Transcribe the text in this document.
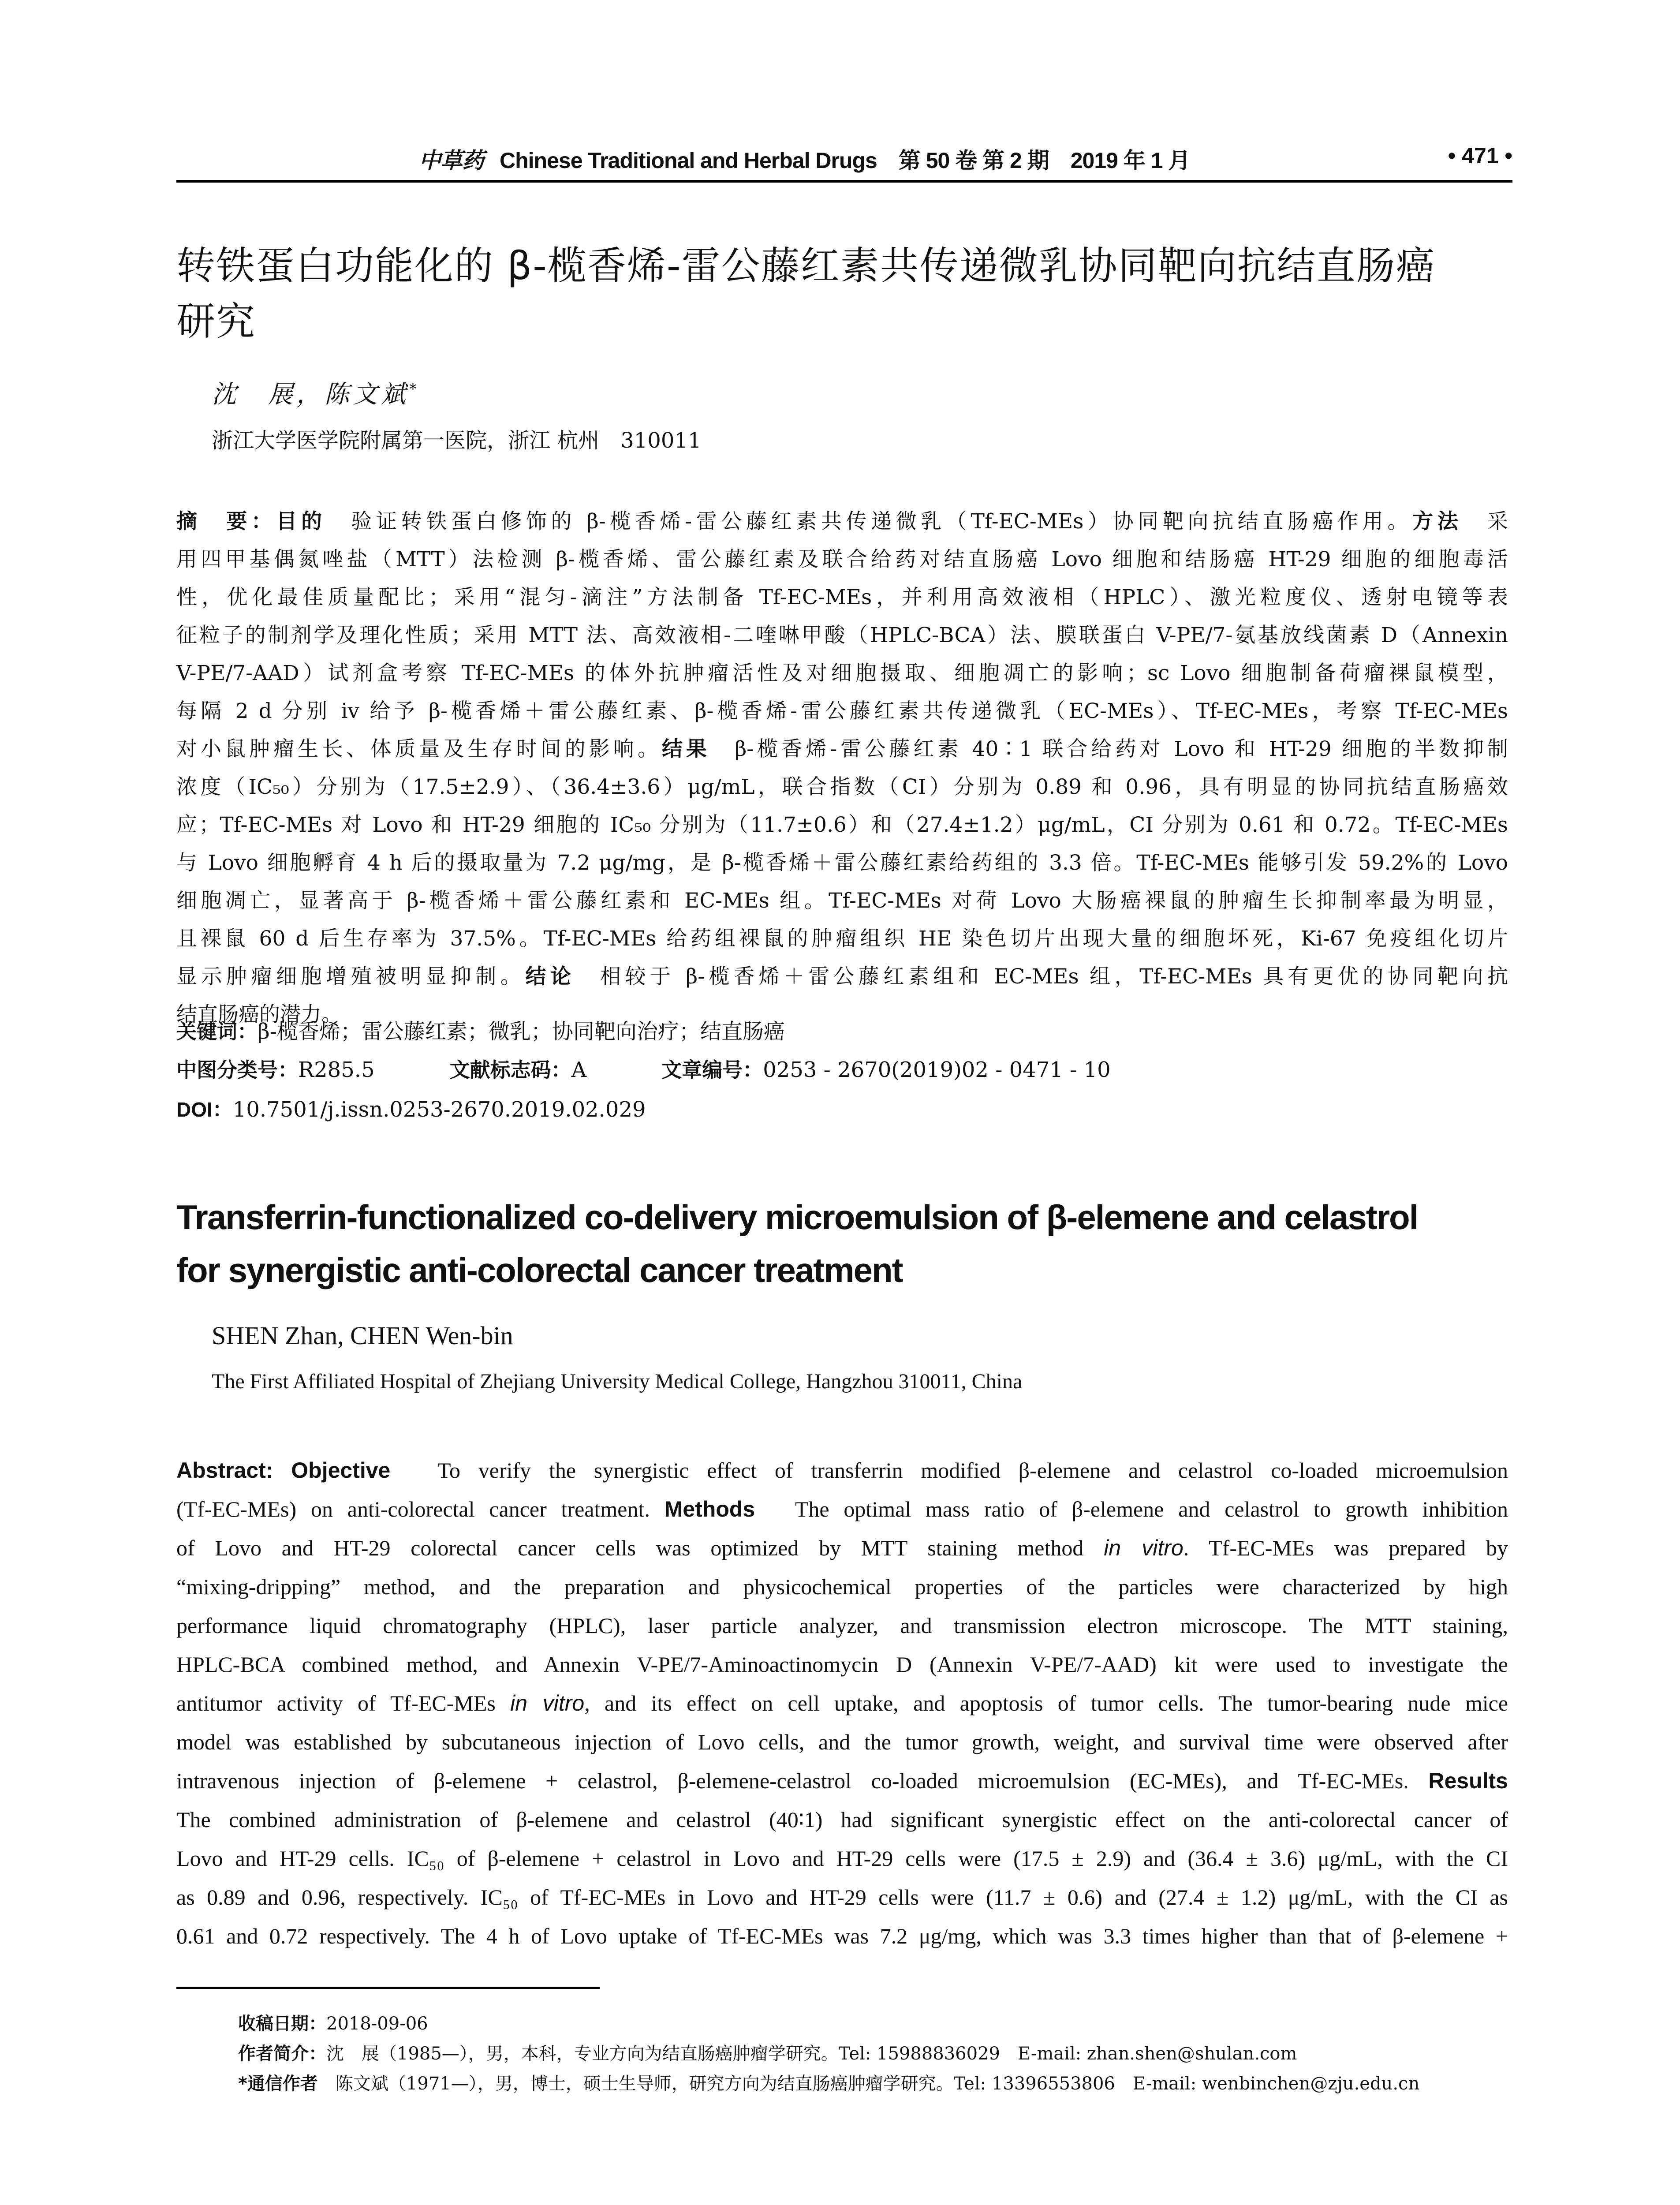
中草药 Chinese Traditional and Herbal Drugs　第 50 卷 第 2 期　2019 年 1 月	• 471 •
转铁蛋白功能化的 β-榄香烯-雷公藤红素共传递微乳协同靶向抗结直肠癌
研究
沈　展，陈文斌*
浙江大学医学院附属第一医院，浙江 杭州　310011
摘　要：目的　验证转铁蛋白修饰的 β-榄香烯-雷公藤红素共传递微乳（Tf-EC-MEs）协同靶向抗结直肠癌作用。方法　采
用四甲基偶氮唑盐（MTT）法检测 β-榄香烯、雷公藤红素及联合给药对结直肠癌 Lovo 细胞和结肠癌 HT-29 细胞的细胞毒活
性，优化最佳质量配比；采用“混匀-滴注”方法制备 Tf-EC-MEs，并利用高效液相（HPLC）、激光粒度仪、透射电镜等表
征粒子的制剂学及理化性质；采用 MTT 法、高效液相-二喹啉甲酸（HPLC-BCA）法、膜联蛋白 V-PE/7-氨基放线菌素 D（Annexin
V-PE/7-AAD）试剂盒考察 Tf-EC-MEs 的体外抗肿瘤活性及对细胞摄取、细胞凋亡的影响；sc Lovo 细胞制备荷瘤裸鼠模型，
每隔 2 d 分别 iv 给予 β-榄香烯＋雷公藤红素、β-榄香烯-雷公藤红素共传递微乳（EC-MEs）、Tf-EC-MEs，考察 Tf-EC-MEs
对小鼠肿瘤生长、体质量及生存时间的影响。结果　β-榄香烯-雷公藤红素 40∶1 联合给药对 Lovo 和 HT-29 细胞的半数抑制
浓度（IC₅₀）分别为（17.5±2.9）、（36.4±3.6）μg/mL，联合指数（CI）分别为 0.89 和 0.96，具有明显的协同抗结直肠癌效
应；Tf-EC-MEs 对 Lovo 和 HT-29 细胞的 IC₅₀ 分别为（11.7±0.6）和（27.4±1.2）μg/mL，CI 分别为 0.61 和 0.72。Tf-EC-MEs
与 Lovo 细胞孵育 4 h 后的摄取量为 7.2 μg/mg，是 β-榄香烯＋雷公藤红素给药组的 3.3 倍。Tf-EC-MEs 能够引发 59.2%的 Lovo
细胞凋亡，显著高于 β-榄香烯＋雷公藤红素和 EC-MEs 组。Tf-EC-MEs 对荷 Lovo 大肠癌裸鼠的肿瘤生长抑制率最为明显，
且裸鼠 60 d 后生存率为 37.5%。Tf-EC-MEs 给药组裸鼠的肿瘤组织 HE 染色切片出现大量的细胞坏死，Ki-67 免疫组化切片
显示肿瘤细胞增殖被明显抑制。结论　相较于 β-榄香烯＋雷公藤红素组和 EC-MEs 组，Tf-EC-MEs 具有更优的协同靶向抗
结直肠癌的潜力。
关键词：β-榄香烯；雷公藤红素；微乳；协同靶向治疗；结直肠癌
中图分类号：R285.5	文献标志码：A	文章编号：0253 - 2670(2019)02 - 0471 - 10
DOI：10.7501/j.issn.0253-2670.2019.02.029
Transferrin-functionalized co-delivery microemulsion of β-elemene and celastrol
for synergistic anti-colorectal cancer treatment
SHEN Zhan, CHEN Wen-bin
The First Affiliated Hospital of Zhejiang University Medical College, Hangzhou 310011, China
Abstract: Objective　 To verify the synergistic effect of transferrin modified β-elemene and celastrol co-loaded microemulsion
(Tf-EC-MEs) on anti-colorectal cancer treatment. Methods　 The optimal mass ratio of β-elemene and celastrol to growth inhibition
of Lovo and HT-29 colorectal cancer cells was optimized by MTT staining method in vitro. Tf-EC-MEs was prepared by
“mixing-dripping” method, and the preparation and physicochemical properties of the particles were characterized by high
performance liquid chromatography (HPLC), laser particle analyzer, and transmission electron microscope. The MTT staining,
HPLC-BCA combined method, and Annexin V-PE/7-Aminoactinomycin D (Annexin V-PE/7-AAD) kit were used to investigate the
antitumor activity of Tf-EC-MEs in vitro, and its effect on cell uptake, and apoptosis of tumor cells. The tumor-bearing nude mice
model was established by subcutaneous injection of Lovo cells, and the tumor growth, weight, and survival time were observed after
intravenous injection of β-elemene + celastrol, β-elemene-celastrol co-loaded microemulsion (EC-MEs), and Tf-EC-MEs. Results
The combined administration of β-elemene and celastrol (40∶1) had significant synergistic effect on the anti-colorectal cancer of
Lovo and HT-29 cells. IC₅₀ of β-elemene + celastrol in Lovo and HT-29 cells were (17.5 ± 2.9) and (36.4 ± 3.6) μg/mL, with the CI
as 0.89 and 0.96, respectively. IC₅₀ of Tf-EC-MEs in Lovo and HT-29 cells were (11.7 ± 0.6) and (27.4 ± 1.2) μg/mL, with the CI as
0.61 and 0.72 respectively. The 4 h of Lovo uptake of Tf-EC-MEs was 7.2 μg/mg, which was 3.3 times higher than that of β-elemene +
收稿日期：2018-09-06
作者简介：沈　展（1985—），男，本科，专业方向为结直肠癌肿瘤学研究。Tel: 15988836029　E-mail: zhan.shen@shulan.com
*通信作者　陈文斌（1971—），男，博士，硕士生导师，研究方向为结直肠癌肿瘤学研究。Tel: 13396553806　E-mail: wenbinchen@zju.edu.cn
